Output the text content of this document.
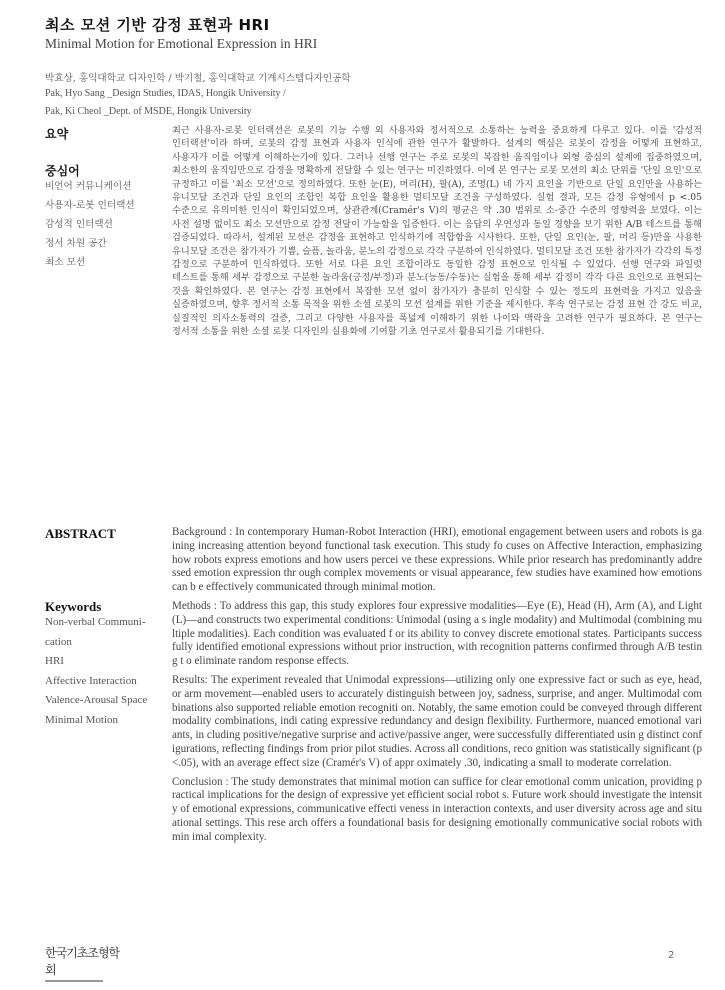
최소 모션 기반 감정 표현과 HRI
Minimal Motion for Emotional Expression in HRI
박효상, 홍익대학교 디자인학 / 박기철, 홍익대학교 기계시스템디자인공학
Pak, Hyo Sang _Design Studies, IDAS, Hongik University /
Pak, Ki Cheol _Dept. of MSDE, Hongik University
요약
중심어
비언어 커뮤니케이션
사용자-로봇 인터랙션
감성적 인터랙션
정서 차원 공간
최소 모션

최근 사용자-로봇 인터랙션은 로봇의 기능 수행 외 사용자와 정서적으로 소통하는 능력을 중요하게 다루고 있다. 이를 '감성적 인터랙션'이라 하며, 로봇의 감정 표현과 사용자 인식에 관한 연구가 활발하다. 설계의 핵심은 로봇이 감정을 어떻게 표현하고, 사용자가 이를 어떻게 이해하는가에 있다. 그러나 선행 연구는 주로 로봇의 복잡한 움직임이나 외형 중심의 설계에 집중하였으며, 최소한의 움직임만으로 감정을 명확하게 전달할 수 있는 연구는 미진하였다. 이에 본 연구는 로봇 모션의 최소 단위를 '단일 요인'으로 규정하고 이를 '최소 모션'으로 정의하였다. 또한 눈(E), 머리(H), 팔(A), 조명(L) 네 가지 요인을 기반으로 단일 요인만을 사용하는 유니모달 조건과 단일 요인의 조합인 복합 요인을 활용한 멀티모달 조건을 구성하였다. 실험 결과, 모든 감정 유형에서 p <.05 수준으로 유의미한 인식이 확인되었으며, 상관관계(Cramér's V)의 평균은 약 .30 범위로 소-중간 수준의 영향력을 보였다. 이는 사전 설명 없이도 최소 모션만으로 감정 전달이 가능함을 입증한다. 이는 응답의 우연성과 동일 경향을 보기 위한 A/B 테스트를 통해 검증되었다. 따라서, 설계된 모션은 감정을 표현하고 인식하기에 적합함을 시사한다. 또한, 단일 요인(눈, 팔, 머리 등)만을 사용한 유니모달 조건은 참가자가 기쁨, 슬픔, 놀라움, 분노의 감정으로 각각 구분하여 인식하였다. 멀티모달 조건 또한 참가자가 각각의 특정 감정으로 구분하여 인식하였다. 또한 서로 다른 요인 조합이라도 동일한 감정 표현으로 인식될 수 있었다. 선행 연구와 파일럿 테스트를 통해 세부 감정으로 구분한 놀라움(긍정/부정)과 분노(능동/수동)는 실험을 통해 세부 감정이 각각 다른 요인으로 표현되는 것을 확인하였다. 본 연구는 감정 표현에서 복잡한 모션 없이 참가자가 충분히 인식할 수 있는 정도의 표현력을 가지고 있음을 실증하였으며, 향후 정서적 소통 목적을 위한 소셜 로봇의 모션 설계를 위한 기준을 제시한다. 후속 연구로는 감정 표현 간 강도 비교, 실질적인 의사소통력의 검증, 그리고 다양한 사용자를 폭넓게 이해하기 위한 나이와 맥락을 고려한 연구가 필요하다. 본 연구는 정서적 소통을 위한 소셜 로봇 디자인의 실용화에 기여할 기초 연구로서 활용되기를 기대한다.

ABSTRACT
Keywords
Non-verbal Communi-
cation
HRI
Affective Interaction
Valence-Arousal Space
Minimal Motion

Background : In contemporary Human-Robot Interaction (HRI), emotional engagement between users and robots is gaining increasing attention beyond functional task execution. This study fo cuses on Affective Interaction, emphasizing how robots express emotions and how users percei ve these expressions. While prior research has predominantly addressed emotion expression thr ough complex movements or visual appearance, few studies have examined how emotions can b e effectively communicated through minimal motion.

Methods : To address this gap, this study explores four expressive modalities—Eye (E), Head (H), Arm (A), and Light (L)—and constructs two experimental conditions: Unimodal (using a s ingle modality) and Multimodal (combining multiple modalities). Each condition was evaluated f or its ability to convey discrete emotional states. Participants successfully identified emotional expressions without prior instruction, with recognition patterns confirmed through A/B testing t o eliminate random response effects.

Results: The experiment revealed that Unimodal expressions—utilizing only one expressive fact or such as eye, head, or arm movement—enabled users to accurately distinguish between joy, sadness, surprise, and anger. Multimodal combinations also supported reliable emotion recogniti on. Notably, the same emotion could be conveyed through different modality combinations, indi cating expressive redundancy and design flexibility. Furthermore, nuanced emotional variants, in cluding positive/negative surprise and active/passive anger, were successfully differentiated usin g distinct configurations, reflecting findings from prior pilot studies. Across all conditions, reco gnition was statistically significant (p <.05), with an average effect size (Cramér's V) of appr oximately .30, indicating a small to moderate correlation.

Conclusion : The study demonstrates that minimal motion can suffice for clear emotional comm unication, providing practical implications for the design of expressive yet efficient social robot s. Future work should investigate the intensity of emotional expressions, communicative effecti veness in interaction contexts, and user diversity across age and situational settings. This rese arch offers a foundational basis for designing emotionally communicative social robots with min imal complexity.

한국기초조형학회
2
